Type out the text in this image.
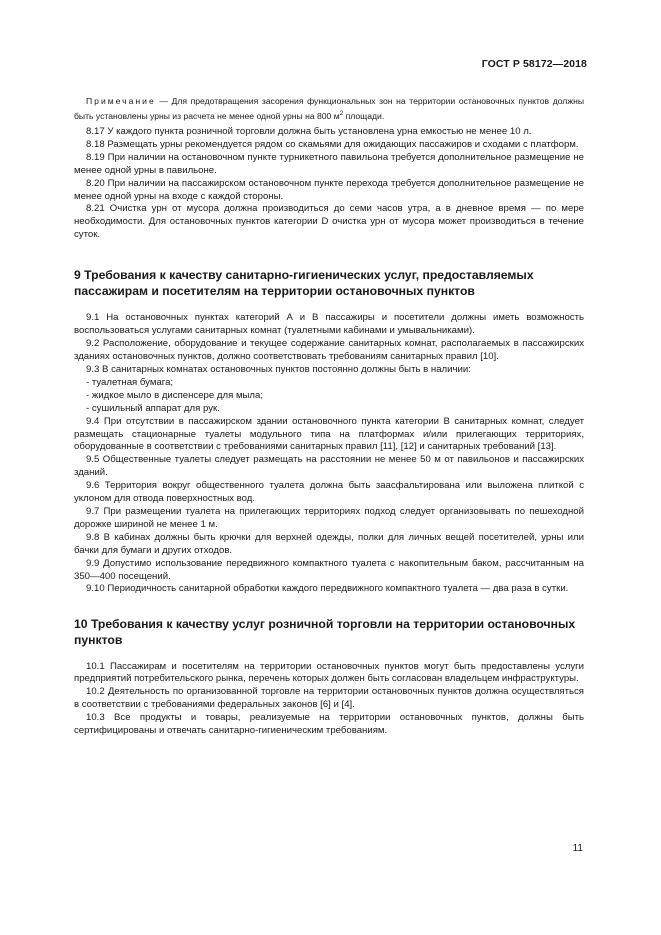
ГОСТ Р 58172—2018

Примечание — Для предотвращения засорения функциональных зон на территории остановочных пунктов должны быть установлены урны из расчета не менее одной урны на 800 $м^2$ площади.

8.17 У каждого пункта розничной торговли должна быть установлена урна емкостью не менее 10 л.

8.18 Размещать урны рекомендуется рядом со скамьями для ожидающих пассажиров и сходами с платформ.

8.19 При наличии на остановочном пункте турникетного павильона требуется дополнительное размещение не менее одной урны в павильоне.

8.20 При наличии на пассажирском остановочном пункте перехода требуется дополнительное размещение не менее одной урны на входе с каждой стороны.

8.21 Очистка урн от мусора должна производиться до семи часов утра, а в дневное время — по мере необходимости. Для остановочных пунктов категории D очистка урн от мусора может производиться в течение суток.

9 Требования к качеству санитарно-гигиенических услуг, предоставляемых пассажирам и посетителям на территории остановочных пунктов

9.1 На остановочных пунктах категорий А и В пассажиры и посетители должны иметь возможность воспользоваться услугами санитарных комнат (туалетными кабинами и умывальниками).

9.2 Расположение, оборудование и текущее содержание санитарных комнат, располагаемых в пассажирских зданиях остановочных пунктов, должно соответствовать требованиям санитарных правил [10].

9.3 В санитарных комнатах остановочных пунктов постоянно должны быть в наличии:

- туалетная бумага;

- жидкое мыло в диспенсере для мыла;

- сушильный аппарат для рук.

9.4 При отсутствии в пассажирском здании остановочного пункта категории В санитарных комнат, следует размещать стационарные туалеты модульного типа на платформах и/или прилегающих территориях, оборудованные в соответствии с требованиями санитарных правил [11], [12] и санитарных требований [13].

9.5 Общественные туалеты следует размещать на расстоянии не менее 50 м от павильонов и пассажирских зданий.

9.6 Территория вокруг общественного туалета должна быть заасфальтирована или выложена плиткой с уклоном для отвода поверхностных вод.

9.7 При размещении туалета на прилегающих территориях подход следует организовывать по пешеходной дорожке шириной не менее 1 м.

9.8 В кабинах должны быть крючки для верхней одежды, полки для личных вещей посетителей, урны или бачки для бумаги и других отходов.

9.9 Допустимо использование передвижного компактного туалета с накопительным баком, рассчитанным на 350—400 посещений.

9.10 Периодичность санитарной обработки каждого передвижного компактного туалета — два раза в сутки.

10 Требования к качеству услуг розничной торговли на территории остановочных пунктов

10.1 Пассажирам и посетителям на территории остановочных пунктов могут быть предоставлены услуги предприятий потребительского рынка, перечень которых должен быть согласован владельцем инфраструктуры.

10.2 Деятельность по организованной торговле на территории остановочных пунктов должна осуществляться в соответствии с требованиями федеральных законов [6] и [4].

10.3 Все продукты и товары, реализуемые на территории остановочных пунктов, должны быть сертифицированы и отвечать санитарно-гигиеническим требованиям.

11
